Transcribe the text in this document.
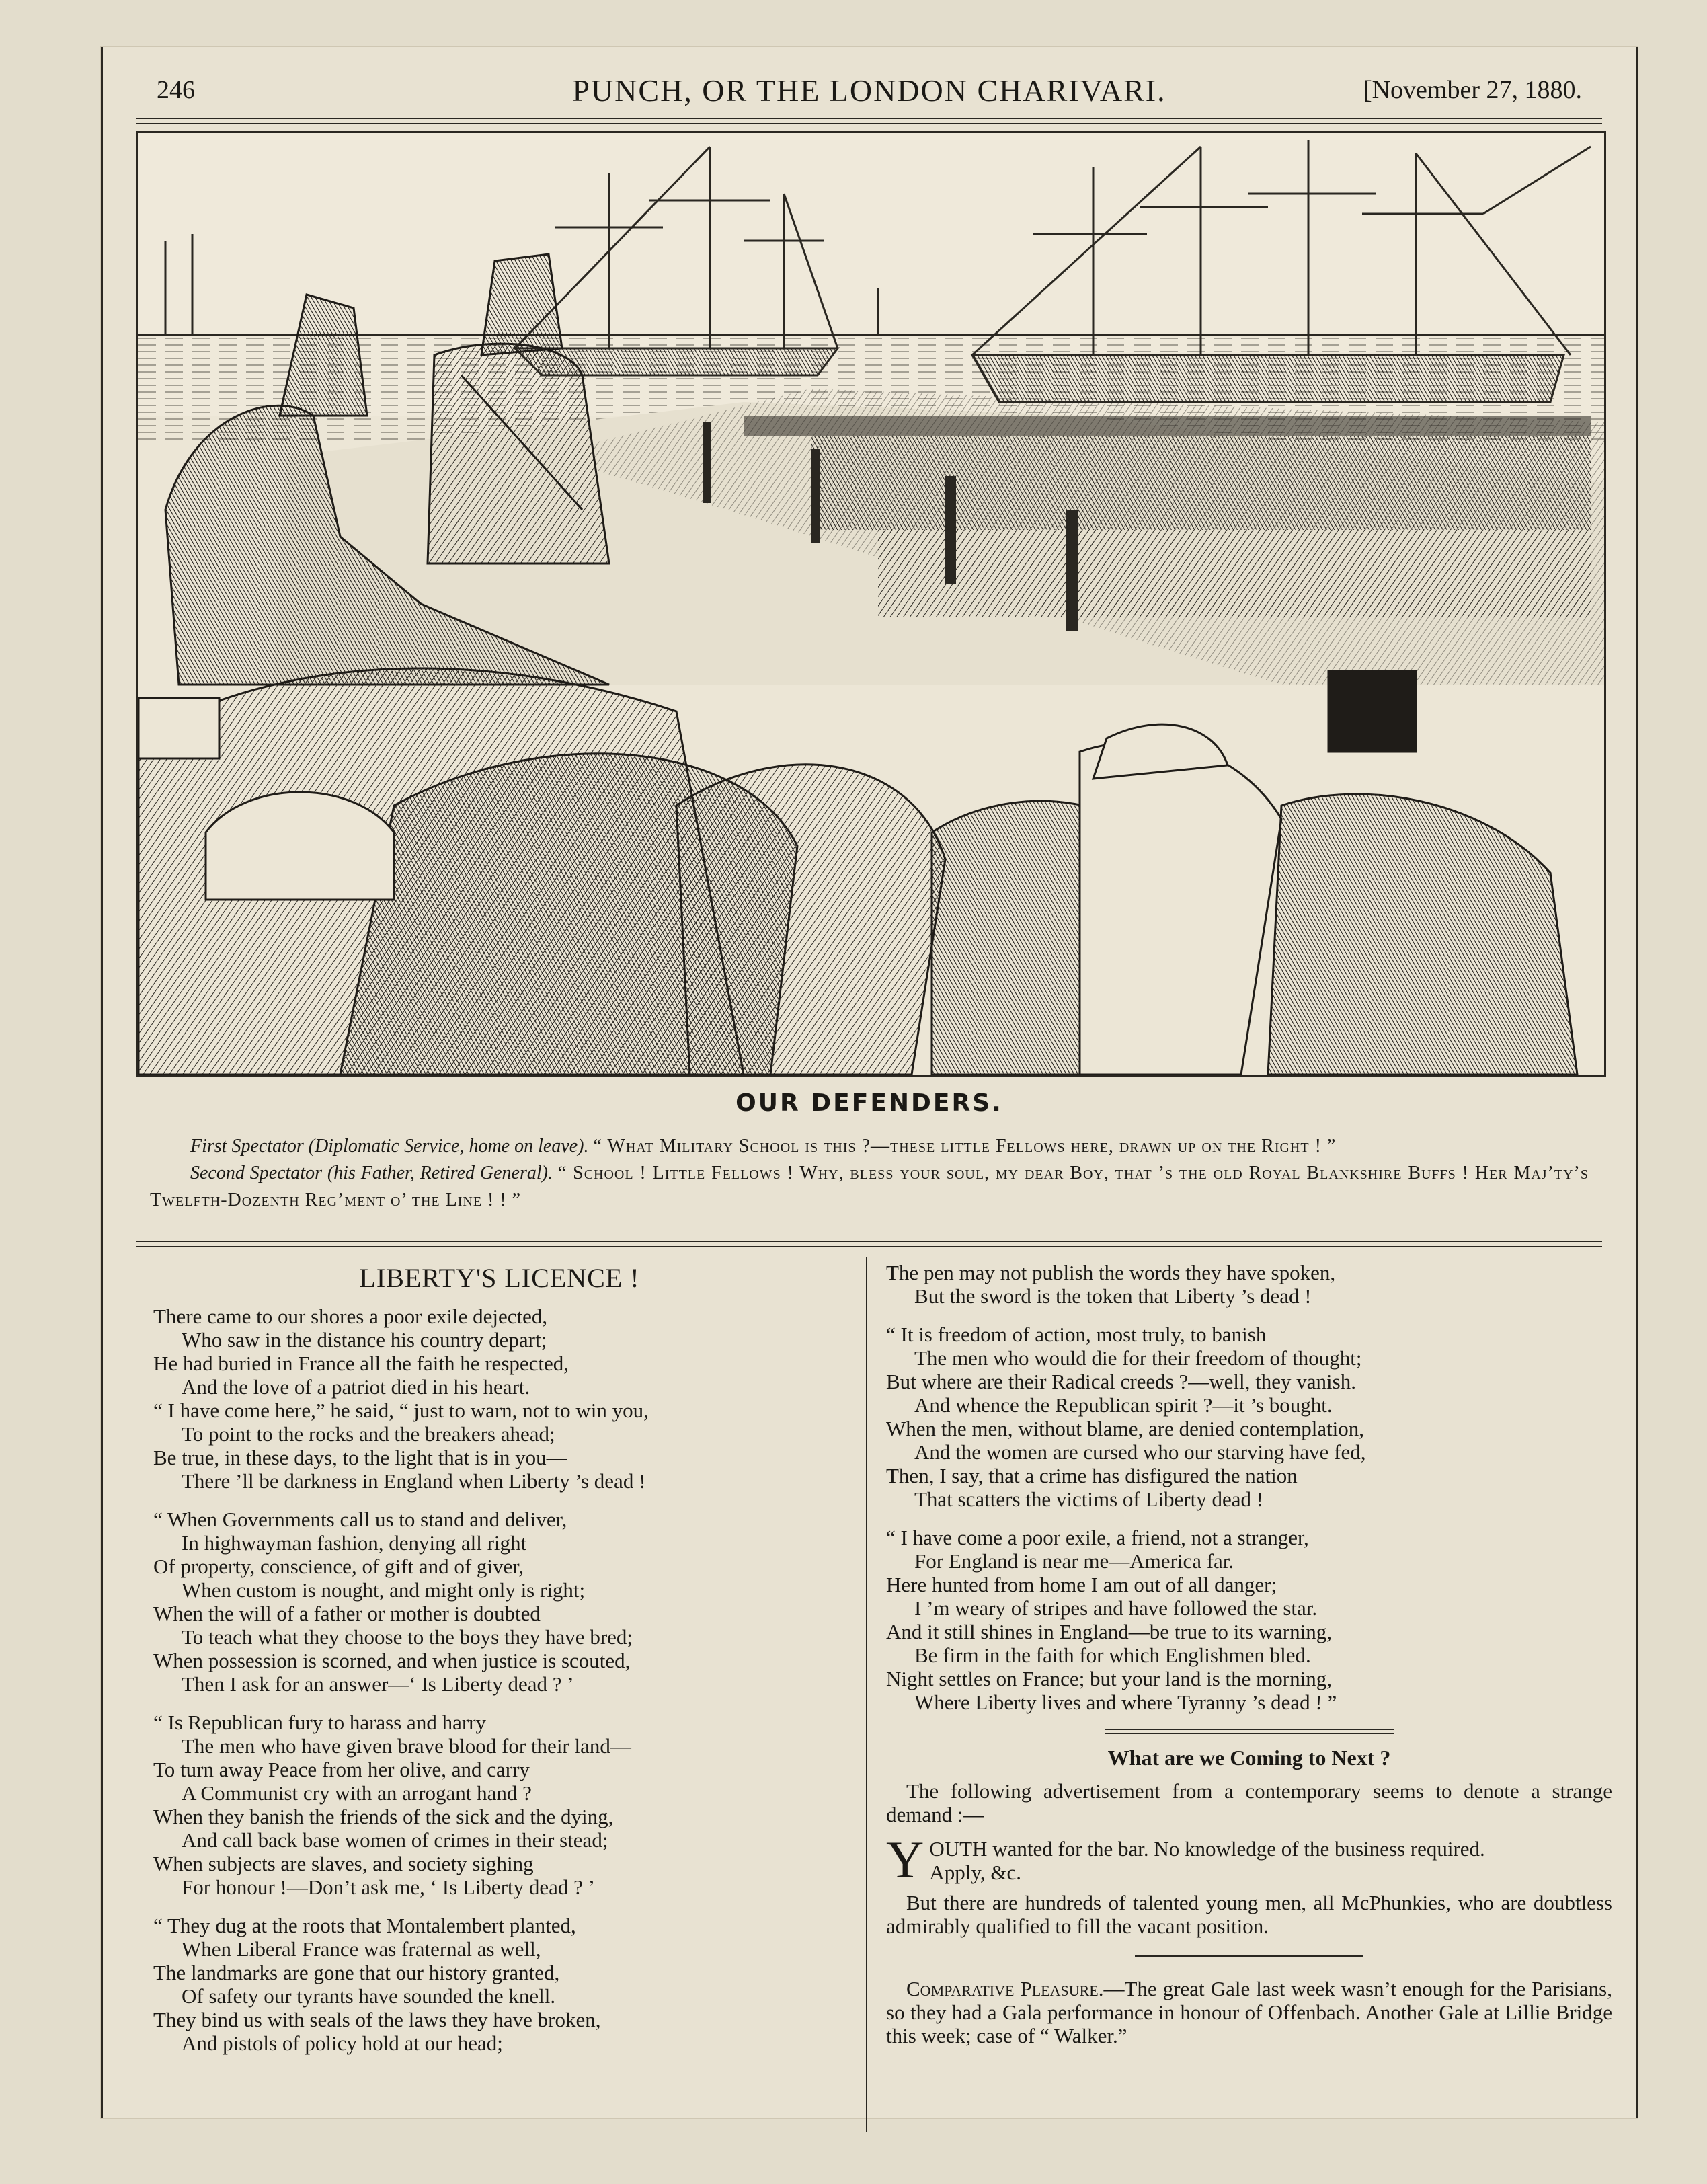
246	PUNCH, OR THE LONDON CHARIVARI.	[November 27, 1880.
OUR DEFENDERS.

First Spectator (Diplomatic Service, home on leave). “ What Military School is this ?—these little Fellows here, drawn up on the Right ! ”

Second Spectator (his Father, Retired General). “ School ! Little Fellows ! Why, bless your soul, my dear Boy, that ’s the old Royal Blankshire Buffs ! Her Maj’ty’s Twelfth-Dozenth Reg’ment o’ the Line ! ! ”

LIBERTY'S LICENCE !
There came to our shores a poor exile dejected,
Who saw in the distance his country depart;
He had buried in France all the faith he respected,
And the love of a patriot died in his heart.
“ I have come here,” he said, “ just to warn, not to win you,
To point to the rocks and the breakers ahead;
Be true, in these days, to the light that is in you—
There ’ll be darkness in England when Liberty ’s dead !
“ When Governments call us to stand and deliver,
In highwayman fashion, denying all right
Of property, conscience, of gift and of giver,
When custom is nought, and might only is right;
When the will of a father or mother is doubted
To teach what they choose to the boys they have bred;
When possession is scorned, and when justice is scouted,
Then I ask for an answer—‘ Is Liberty dead ? ’
“ Is Republican fury to harass and harry
The men who have given brave blood for their land—
To turn away Peace from her olive, and carry
A Communist cry with an arrogant hand ?
When they banish the friends of the sick and the dying,
And call back base women of crimes in their stead;
When subjects are slaves, and society sighing
For honour !—Don’t ask me, ‘ Is Liberty dead ? ’
“ They dug at the roots that Montalembert planted,
When Liberal France was fraternal as well,
The landmarks are gone that our history granted,
Of safety our tyrants have sounded the knell.
They bind us with seals of the laws they have broken,
And pistols of policy hold at our head;
The pen may not publish the words they have spoken,
But the sword is the token that Liberty ’s dead !
“ It is freedom of action, most truly, to banish
The men who would die for their freedom of thought;
But where are their Radical creeds ?—well, they vanish.
And whence the Republican spirit ?—it ’s bought.
When the men, without blame, are denied contemplation,
And the women are cursed who our starving have fed,
Then, I say, that a crime has disfigured the nation
That scatters the victims of Liberty dead !
“ I have come a poor exile, a friend, not a stranger,
For England is near me—America far.
Here hunted from home I am out of all danger;
I ’m weary of stripes and have followed the star.
And it still shines in England—be true to its warning,
Be firm in the faith for which Englishmen bled.
Night settles on France; but your land is the morning,
Where Liberty lives and where Tyranny ’s dead ! ”
What are we Coming to Next ?

The following advertisement from a contemporary seems to denote a strange demand :—

Y OUTH wanted for the bar. No knowledge of the business required.
Apply, &c.

But there are hundreds of talented young men, all McPhunkies, who are doubtless admirably qualified to fill the vacant position.

Comparative Pleasure.—The great Gale last week wasn’t enough for the Parisians, so they had a Gala performance in honour of Offenbach. Another Gale at Lillie Bridge this week; case of “ Walker.”
